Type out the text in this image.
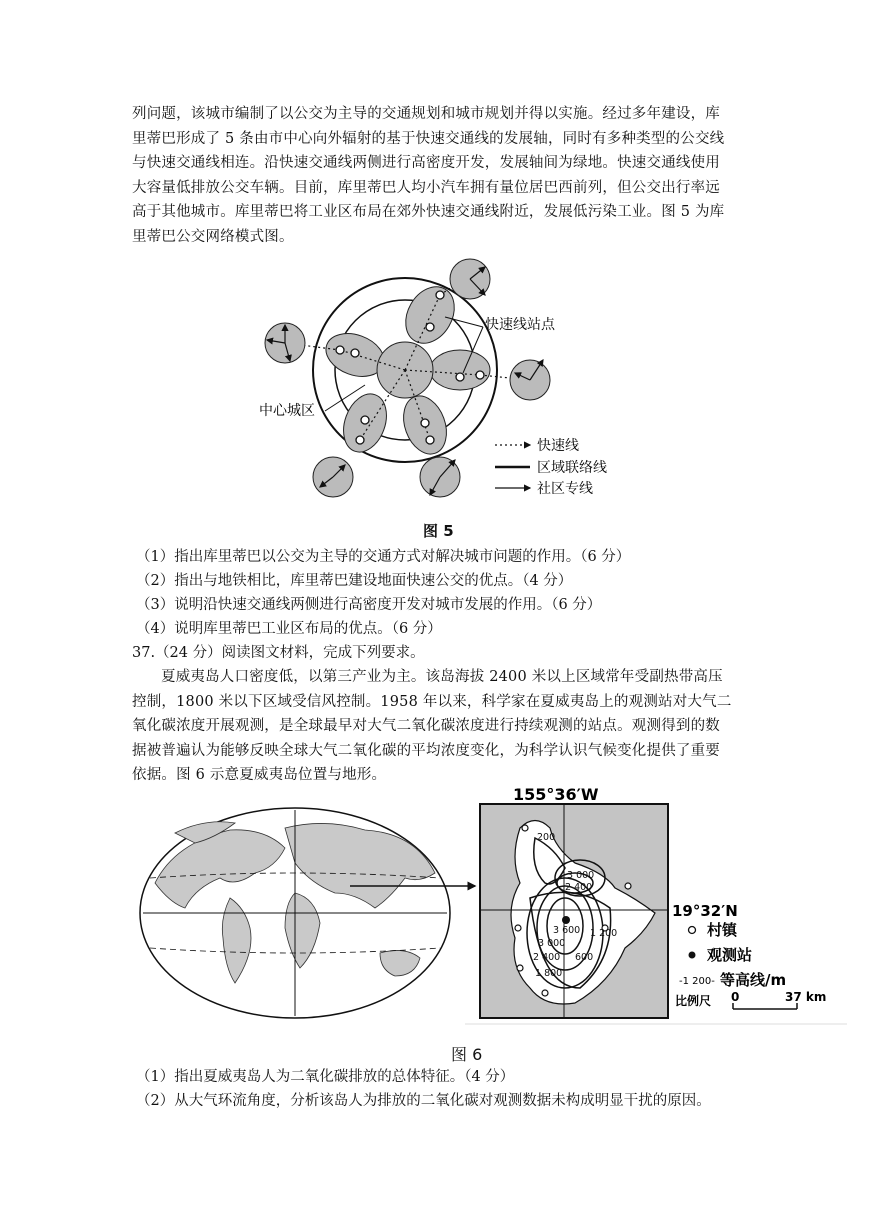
列问题，该城市编制了以公交为主导的交通规划和城市规划并得以实施。经过多年建设，库
里蒂巴形成了 5 条由市中心向外辐射的基于快速交通线的发展轴，同时有多种类型的公交线
与快速交通线相连。沿快速交通线两侧进行高密度开发，发展轴间为绿地。快速交通线使用
大容量低排放公交车辆。目前，库里蒂巴人均小汽车拥有量位居巴西前列，但公交出行率远
高于其他城市。库里蒂巴将工业区布局在郊外快速交通线附近，发展低污染工业。图 5 为库
里蒂巴公交网络模式图。
快速线站点
中心城区
快速线
区域联络线
社区专线
图 5
（1）指出库里蒂巴以公交为主导的交通方式对解决城市问题的作用。（6 分）
（2）指出与地铁相比，库里蒂巴建设地面快速公交的优点。（4 分）
（3）说明沿快速交通线两侧进行高密度开发对城市发展的作用。（6 分）
（4）说明库里蒂巴工业区布局的优点。（6 分）
37.（24 分）阅读图文材料，完成下列要求。
夏威夷岛人口密度低，以第三产业为主。该岛海拔 2400 米以上区域常年受副热带高压
控制，1800 米以下区域受信风控制。1958 年以来，科学家在夏威夷岛上的观测站对大气二
氧化碳浓度开展观测，是全球最早对大气二氧化碳浓度进行持续观测的站点。观测得到的数
据被普遍认为能够反映全球大气二氧化碳的平均浓度变化，为科学认识气候变化提供了重要
依据。图 6 示意夏威夷岛位置与地形。
200
3 000
2 400
3 600
3 000
2 400
1 800
1 200
600
155°36′W
19°32′N
村镇
观测站
-1 200- 等高线/m
比例尺 0	37 km
图 6
（1）指出夏威夷岛人为二氧化碳排放的总体特征。（4 分）
（2）从大气环流角度，分析该岛人为排放的二氧化碳对观测数据未构成明显干扰的原因。
